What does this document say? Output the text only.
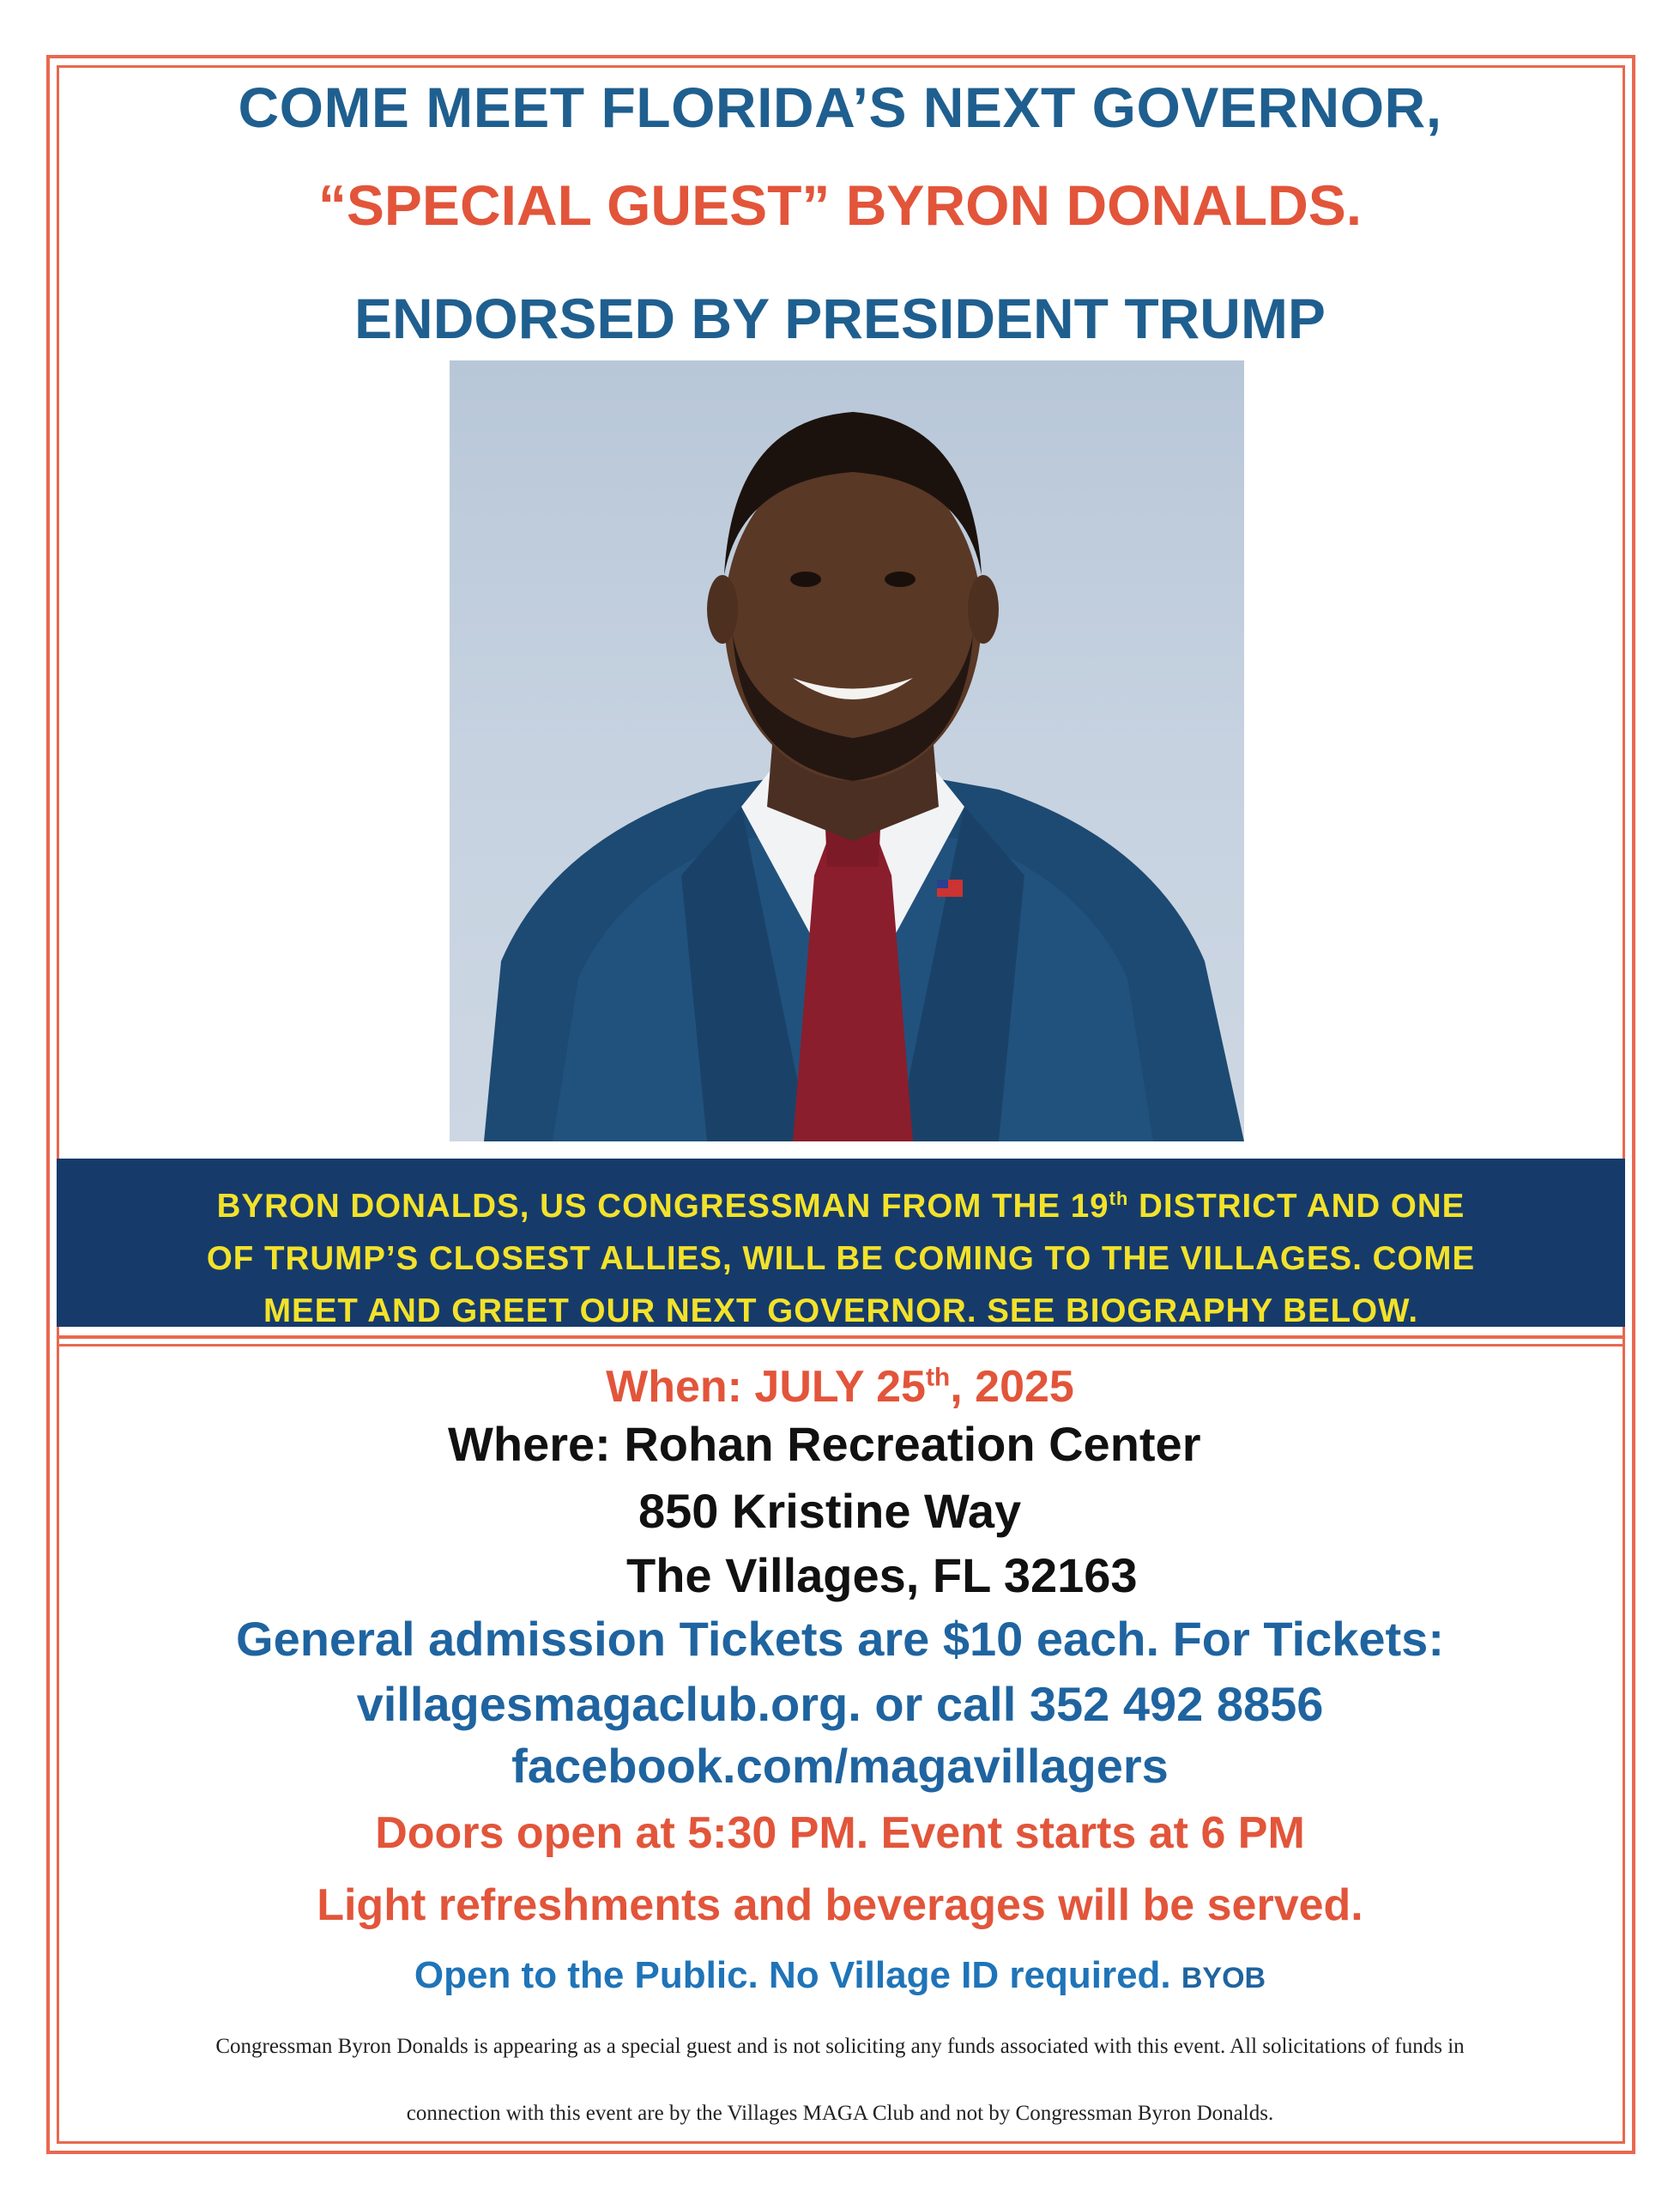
COME MEET FLORIDA’S NEXT GOVERNOR,
“SPECIAL GUEST” BYRON DONALDS.
ENDORSED BY PRESIDENT TRUMP
BYRON DONALDS, US CONGRESSMAN FROM THE 19th DISTRICT AND ONE
OF TRUMP’S CLOSEST ALLIES, WILL BE COMING TO THE VILLAGES. COME
MEET AND GREET OUR NEXT GOVERNOR. SEE BIOGRAPHY BELOW.
When: JULY 25th, 2025
Where: Rohan Recreation Center
850 Kristine Way
The Villages, FL 32163
General admission Tickets are $10 each. For Tickets:
villagesmagaclub.org. or call 352 492 8856
facebook.com/magavillagers
Doors open at 5:30 PM. Event starts at 6 PM
Light refreshments and beverages will be served.
Open to the Public. No Village ID required. BYOB
Congressman Byron Donalds is appearing as a special guest and is not soliciting any funds associated with this event. All solicitations of funds in
connection with this event are by the Villages MAGA Club and not by Congressman Byron Donalds.
